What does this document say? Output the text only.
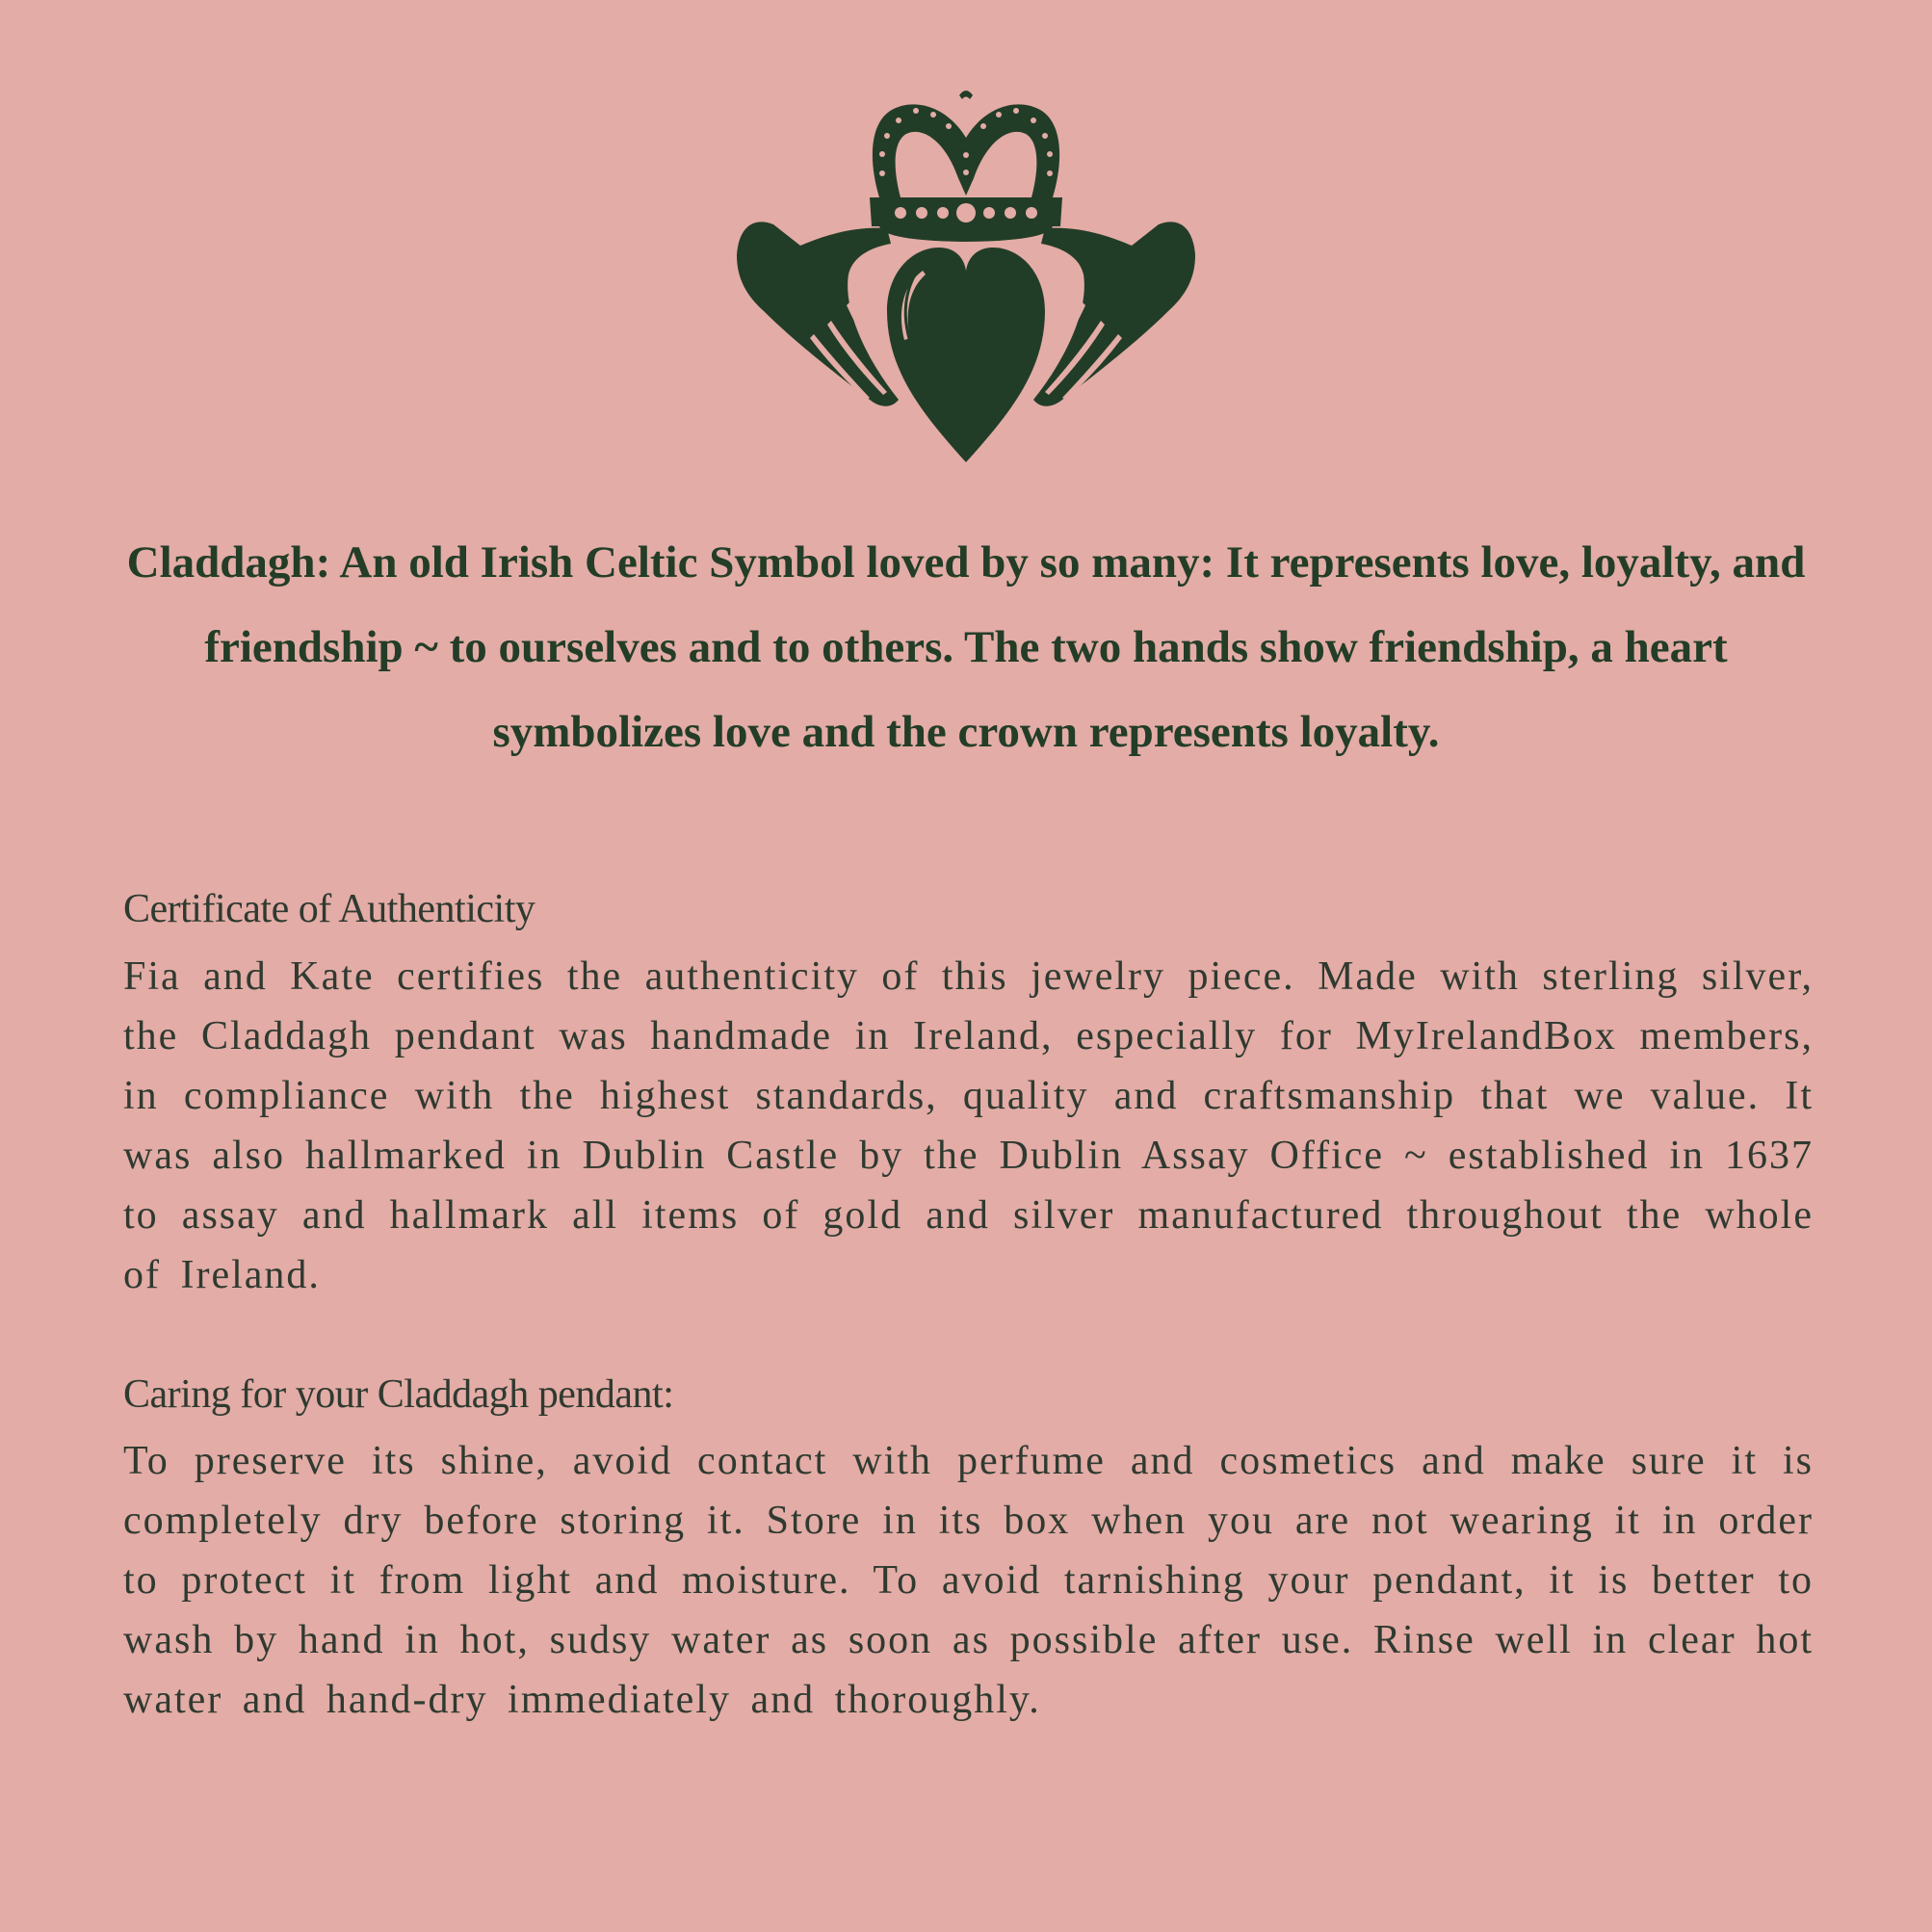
Claddagh: An old Irish Celtic Symbol loved by so many: It represents love, loyalty, and friendship ~ to ourselves and to others. The two hands show friendship, a heart symbolizes love and the crown represents loyalty.

Certificate of Authenticity

Fia and Kate certifies the authenticity of this jewelry piece. Made with sterling silver, the Claddagh pendant was handmade in Ireland, especially for MyIrelandBox members, in compliance with the highest standards, quality and craftsmanship that we value. It was also hallmarked in Dublin Castle by the Dublin Assay Office ~ established in 1637 to assay and hallmark all items of gold and silver manufactured throughout the whole of Ireland.

Caring for your Claddagh pendant:

To preserve its shine, avoid contact with perfume and cosmetics and make sure it is completely dry before storing it. Store in its box when you are not wearing it in order to protect it from light and moisture. To avoid tarnishing your pendant, it is better to wash by hand in hot, sudsy water as soon as possible after use. Rinse well in clear hot water and hand-dry immediately and thoroughly.
